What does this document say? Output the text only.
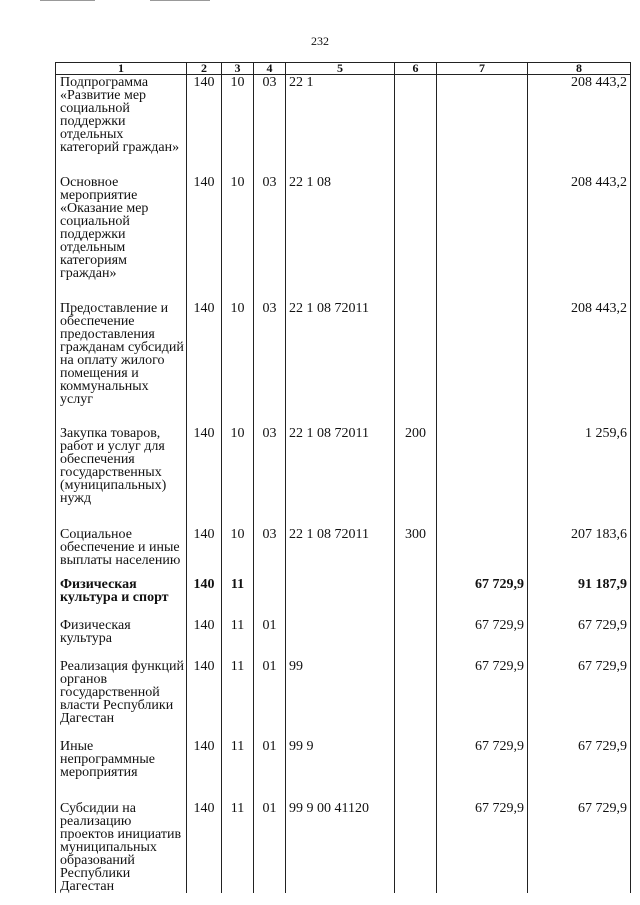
232
1	2	3	4	5	6	7	8
Подпрограмма «Развитие мер социальной поддержки отдельных категорий граждан»	140	10	03	22 1			208 443,2
Основное мероприятие «Оказание мер социальной поддержки отдельным категориям граждан»	140	10	03	22 1 08			208 443,2
Предоставление и обеспечение предоставления гражданам субсидий на оплату жилого помещения и коммунальных услуг	140	10	03	22 1 08 72011			208 443,2
Закупка товаров, работ и услуг для обеспечения государственных (муниципальных) нужд	140	10	03	22 1 08 72011	200		1 259,6
Социальное обеспечение и иные выплаты населению	140	10	03	22 1 08 72011	300		207 183,6
Физическая культура и спорт	140	11				67 729,9	91 187,9
Физическая культура	140	11	01			67 729,9	67 729,9
Реализация функций органов государственной власти Республики Дагестан	140	11	01	99		67 729,9	67 729,9
Иные непрограммные мероприятия	140	11	01	99 9		67 729,9	67 729,9
Субсидии на реализацию проектов инициатив муниципальных образований Республики Дагестан	140	11	01	99 9 00 41120		67 729,9	67 729,9
